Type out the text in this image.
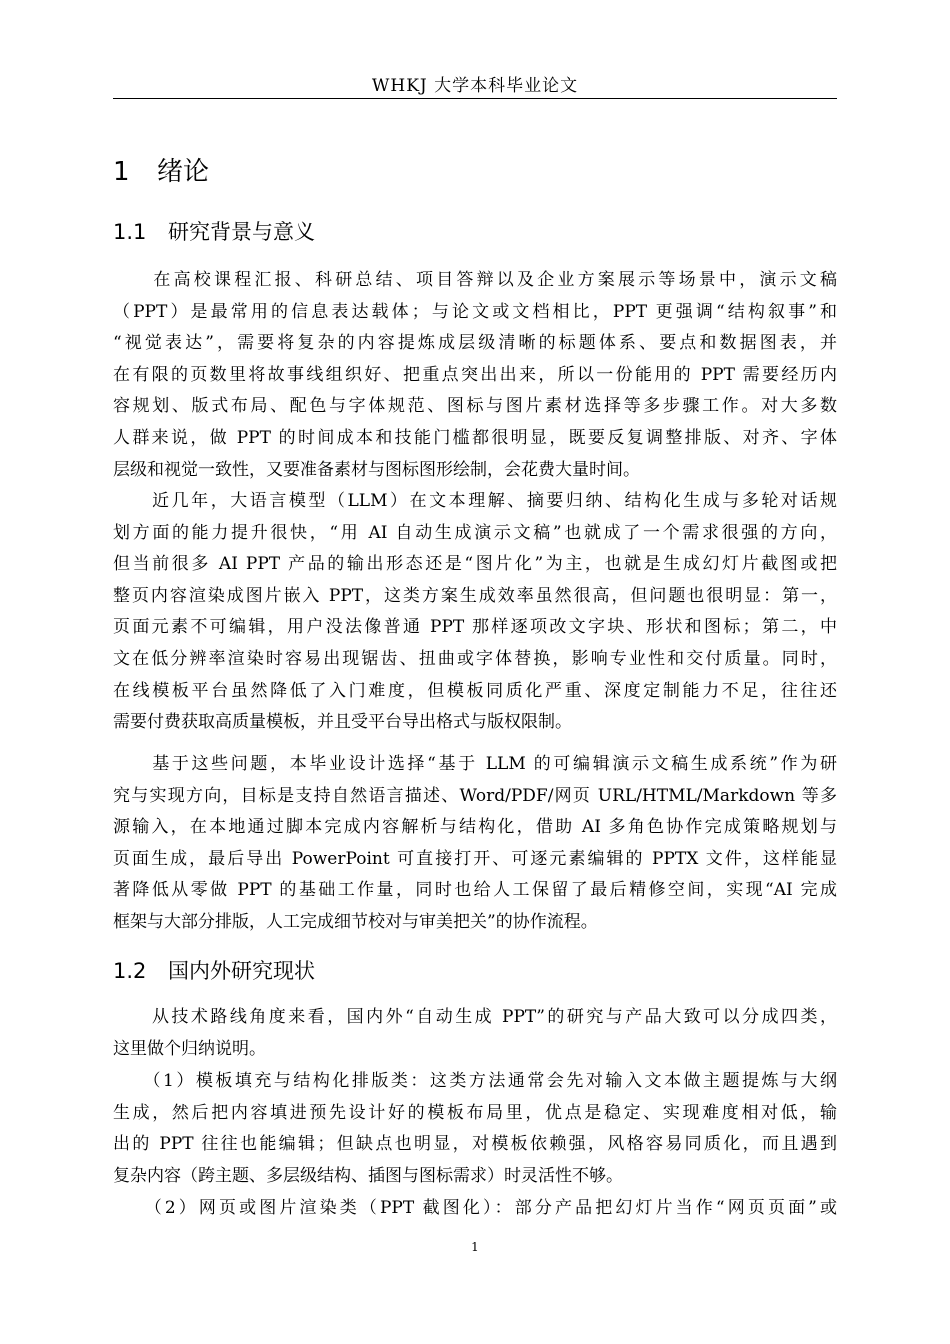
WHKJ 大学本科毕业论文
1 绪论
1.1 研究背景与意义
　　在高校课程汇报、科研总结、项目答辩以及企业方案展示等场景中，演示文稿
（PPT）是最常用的信息表达载体；与论文或文档相比，PPT 更强调“结构叙事”和
“视觉表达”，需要将复杂的内容提炼成层级清晰的标题体系、要点和数据图表，并
在有限的页数里将故事线组织好、把重点突出出来，所以一份能用的 PPT 需要经历内
容规划、版式布局、配色与字体规范、图标与图片素材选择等多步骤工作。对大多数
人群来说，做 PPT 的时间成本和技能门槛都很明显，既要反复调整排版、对齐、字体
层级和视觉一致性，又要准备素材与图标图形绘制，会花费大量时间。
　　近几年，大语言模型（LLM）在文本理解、摘要归纳、结构化生成与多轮对话规
划方面的能力提升很快，“用 AI 自动生成演示文稿”也就成了一个需求很强的方向，
但当前很多 AI PPT 产品的输出形态还是“图片化”为主，也就是生成幻灯片截图或把
整页内容渲染成图片嵌入 PPT，这类方案生成效率虽然很高，但问题也很明显：第一，
页面元素不可编辑，用户没法像普通 PPT 那样逐项改文字块、形状和图标；第二，中
文在低分辨率渲染时容易出现锯齿、扭曲或字体替换，影响专业性和交付质量。同时，
在线模板平台虽然降低了入门难度，但模板同质化严重、深度定制能力不足，往往还
需要付费获取高质量模板，并且受平台导出格式与版权限制。
　　基于这些问题，本毕业设计选择“基于 LLM 的可编辑演示文稿生成系统”作为研
究与实现方向，目标是支持自然语言描述、Word/PDF/网页 URL/HTML/Markdown 等多
源输入，在本地通过脚本完成内容解析与结构化，借助 AI 多角色协作完成策略规划与
页面生成，最后导出 PowerPoint 可直接打开、可逐元素编辑的 PPTX 文件，这样能显
著降低从零做 PPT 的基础工作量，同时也给人工保留了最后精修空间，实现“AI 完成
框架与大部分排版，人工完成细节校对与审美把关”的协作流程。
1.2 国内外研究现状
　　从技术路线角度来看，国内外“自动生成 PPT”的研究与产品大致可以分成四类，
这里做个归纳说明。
　　（1）模板填充与结构化排版类：这类方法通常会先对输入文本做主题提炼与大纲
生成，然后把内容填进预先设计好的模板布局里，优点是稳定、实现难度相对低，输
出的 PPT 往往也能编辑；但缺点也明显，对模板依赖强，风格容易同质化，而且遇到
复杂内容（跨主题、多层级结构、插图与图标需求）时灵活性不够。
　　（2）网页或图片渲染类（PPT 截图化）：部分产品把幻灯片当作“网页页面”或
1
